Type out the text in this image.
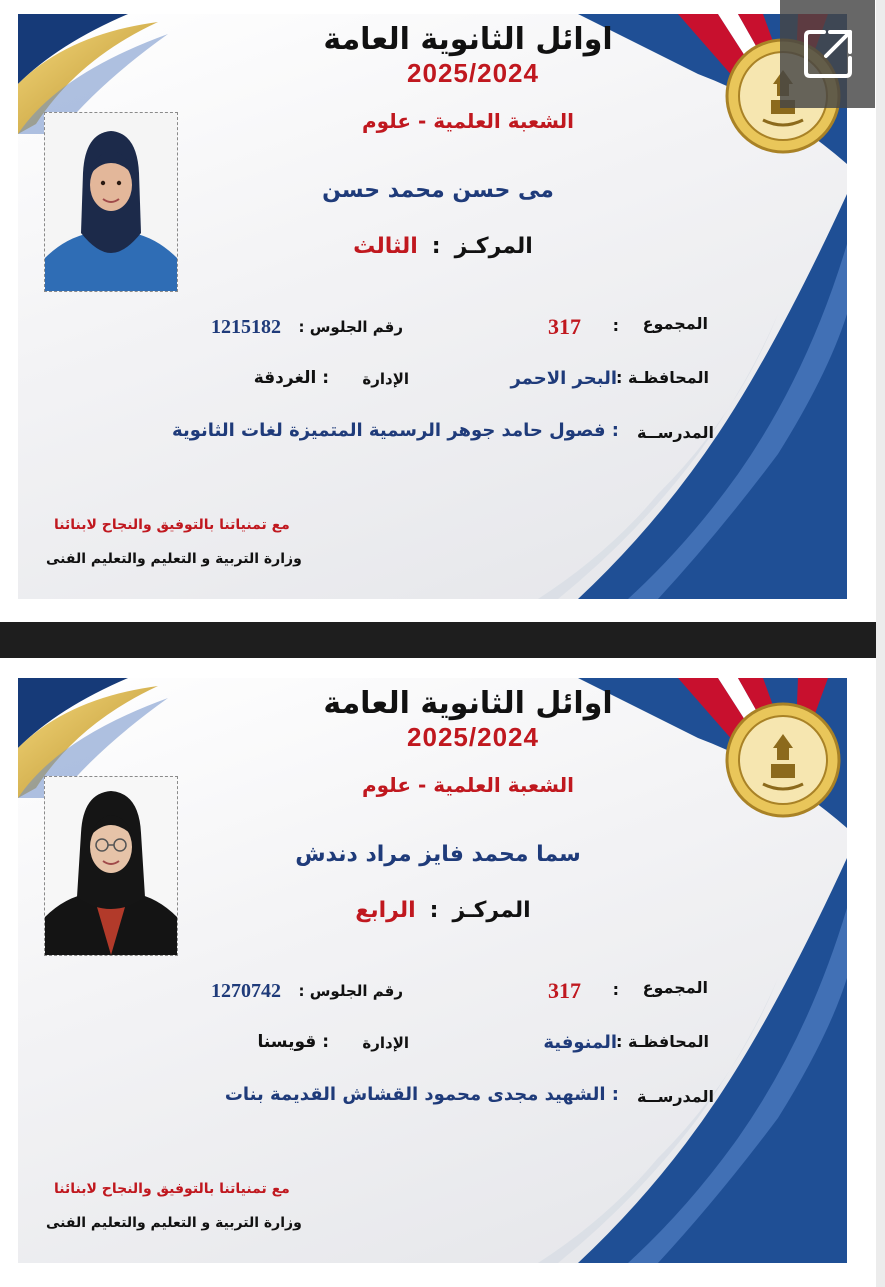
اوائل الثانوية العامة
2025/2024
الشعبة العلمية - علوم
مى حسن محمد حسن
المركـز:الثالث
المجموع
:
317
رقم الجلوس :
1215182
المحافظـة :
البحر الاحمر
الإدارة
: الغردقة
المدرســة
: فصول حامد جوهر الرسمية المتميزة لغات الثانوية
مع تمنياتنا بالتوفيق والنجاح لابنائنا
وزارة التربية و التعليم والتعليم الفنى
اوائل الثانوية العامة
2025/2024
الشعبة العلمية - علوم
سما محمد فايز مراد دندش
المركـز:الرابع
المجموع
:
317
رقم الجلوس :
1270742
المحافظـة :
المنوفية
الإدارة
: قويسنا
المدرســة
: الشهيد مجدى محمود القشاش القديمة بنات
مع تمنياتنا بالتوفيق والنجاح لابنائنا
وزارة التربية و التعليم والتعليم الفنى
